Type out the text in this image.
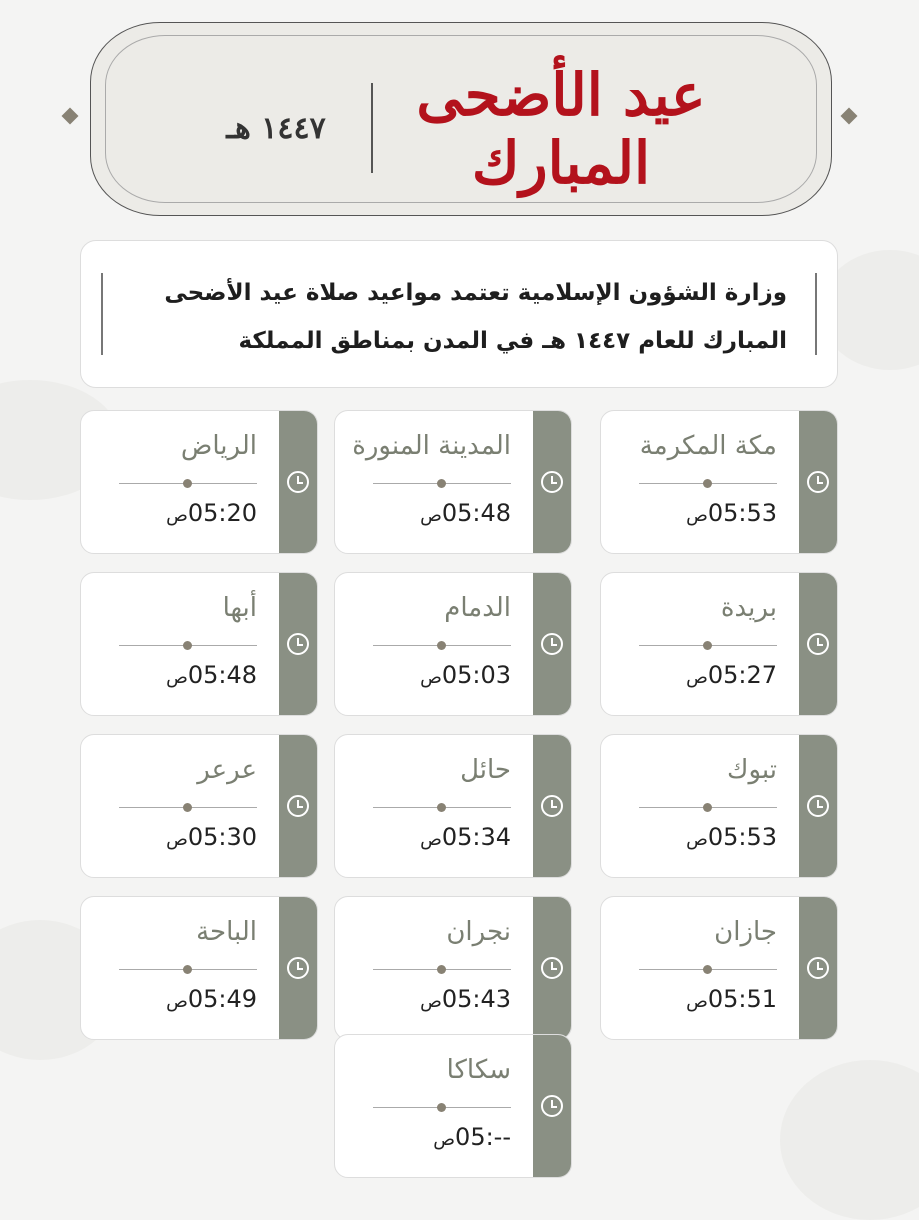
عيد الأضحى المبارك
١٤٤٧ هـ
وزارة الشؤون الإسلامية تعتمد مواعيد صلاة عيد الأضحى
المبارك للعام ١٤٤٧ هـ في المدن بمناطق المملكة
مكة المكرمة
05:53ص
المدينة المنورة
05:48ص
الرياض
05:20ص
بريدة
05:27ص
الدمام
05:03ص
أبها
05:48ص
تبوك
05:53ص
حائل
05:34ص
عرعر
05:30ص
جازان
05:51ص
نجران
05:43ص
الباحة
05:49ص
سكاكا
05:--ص
